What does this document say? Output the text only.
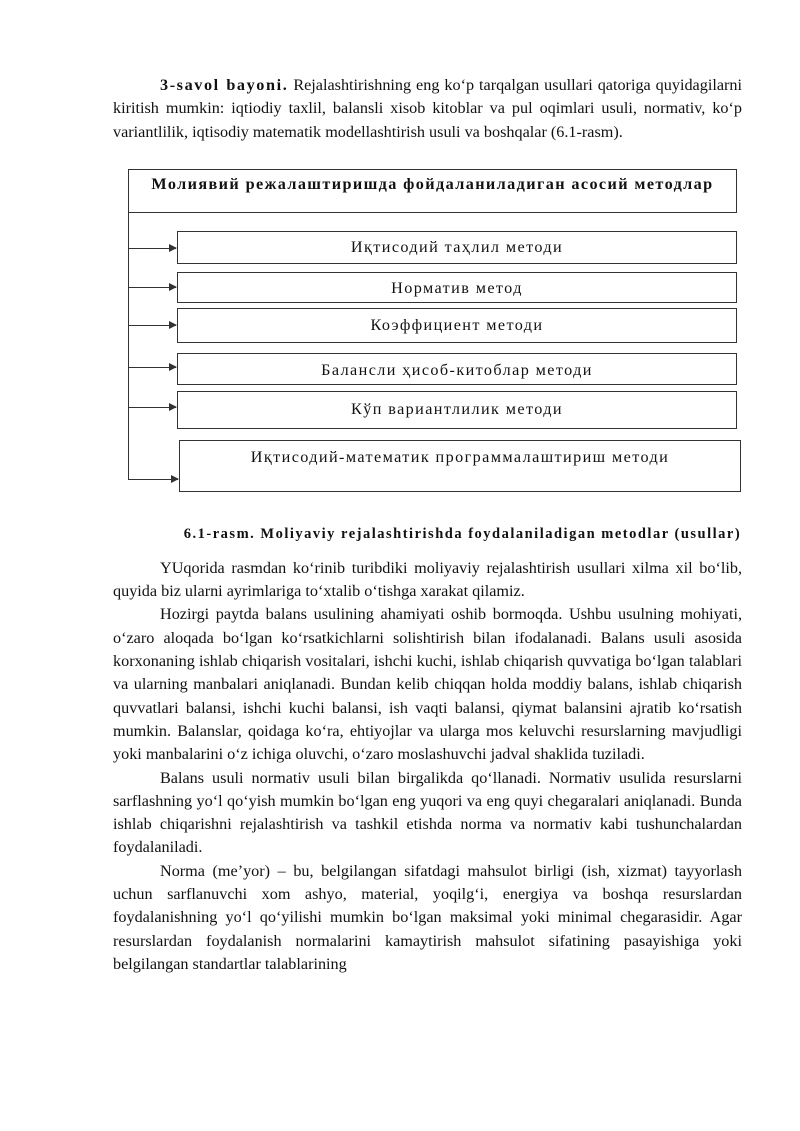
3-savol bayoni. Rejalashtirishning eng ko‘p tarqalgan usullari qatoriga quyidagilarni kiritish mumkin: iqtiodiy taxlil, balansli xisob kitoblar va pul oqimlari usuli, normativ, ko‘p variantlilik, iqtisodiy matematik modellashtirish usuli va boshqalar (6.1-rasm).

Молиявий режалаштиришда фойдаланиладиган асосий методлар
Иқтисодий таҳлил методи
Норматив метод
Коэффициент методи
Балансли ҳисоб-китоблар методи
Кўп вариантлилик методи
Иқтисодий-математик программалаштириш методи
6.1-rasm. Moliyaviy rejalashtirishda foydalaniladigan metodlar (usullar)

YUqorida rasmdan ko‘rinib turibdiki moliyaviy rejalashtirish usullari xilma xil bo‘lib, quyida biz ularni ayrimlariga to‘xtalib o‘tishga xarakat qilamiz.

Hozirgi paytda balans usulining ahamiyati oshib bormoqda. Ushbu usulning mohiyati, o‘zaro aloqada bo‘lgan ko‘rsatkichlarni solishtirish bilan ifodalanadi. Balans usuli asosida korxonaning ishlab chiqarish vositalari, ishchi kuchi, ishlab chiqarish quvvatiga bo‘lgan talablari va ularning manbalari aniqlanadi. Bundan kelib chiqqan holda moddiy balans, ishlab chiqarish quvvatlari balansi, ishchi kuchi balansi, ish vaqti balansi, qiymat balansini ajratib ko‘rsatish mumkin. Balanslar, qoidaga ko‘ra, ehtiyojlar va ularga mos keluvchi resurslarning mavjudligi yoki manbalarini o‘z ichiga oluvchi, o‘zaro moslashuvchi jadval shaklida tuziladi.

Balans usuli normativ usuli bilan birgalikda qo‘llanadi. Normativ usulida resurslarni sarflashning yo‘l qo‘yish mumkin bo‘lgan eng yuqori va eng quyi chegaralari aniqlanadi. Bunda ishlab chiqarishni rejalashtirish va tashkil etishda norma va normativ kabi tushunchalardan foydalaniladi.

Norma (me’yor) – bu, belgilangan sifatdagi mahsulot birligi (ish, xizmat) tayyorlash uchun sarflanuvchi xom ashyo, material, yoqilg‘i, energiya va boshqa resurslardan foydalanishning yo‘l qo‘yilishi mumkin bo‘lgan maksimal yoki minimal chegarasidir. Agar resurslardan foydalanish normalarini kamaytirish mahsulot sifatining pasayishiga yoki belgilangan standartlar talablarining
